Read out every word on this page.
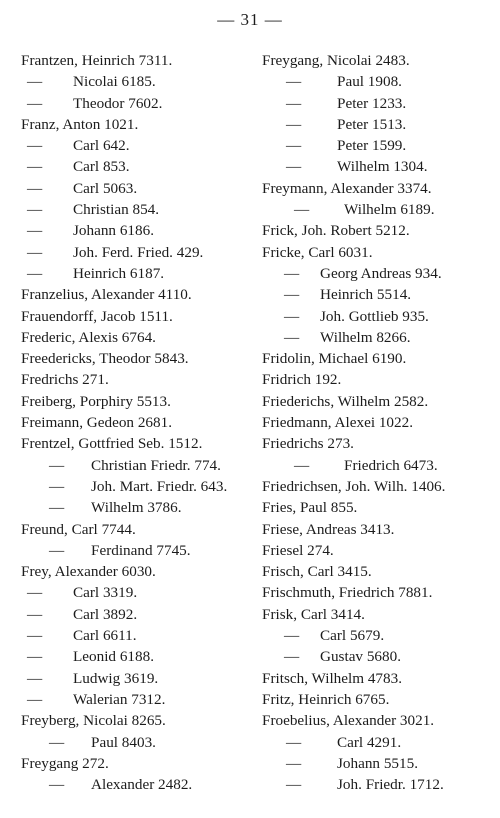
— 31 —
Frantzen, Heinrich 7311.
— Nicolai 6185.
— Theodor 7602.
Franz, Anton 1021.
— Carl 642.
— Carl 853.
— Carl 5063.
— Christian 854.
— Johann 6186.
— Joh. Ferd. Fried. 429.
— Heinrich 6187.
Franzelius, Alexander 4110.
Frauendorff, Jacob 1511.
Frederic, Alexis 6764.
Freedericks, Theodor 5843.
Fredrichs 271.
Freiberg, Porphiry 5513.
Freimann, Gedeon 2681.
Frentzel, Gottfried Seb. 1512.
— Christian Friedr. 774.
— Joh. Mart. Friedr. 643.
— Wilhelm 3786.
Freund, Carl 7744.
— Ferdinand 7745.
Frey, Alexander 6030.
— Carl 3319.
— Carl 3892.
— Carl 6611.
— Leonid 6188.
— Ludwig 3619.
— Walerian 7312.
Freyberg, Nicolai 8265.
— Paul 8403.
Freygang 272.
— Alexander 2482.
Freygang, Nicolai 2483.
— Paul 1908.
— Peter 1233.
— Peter 1513.
— Peter 1599.
— Wilhelm 1304.
Freymann, Alexander 3374.
— Wilhelm 6189.
Frick, Joh. Robert 5212.
Fricke, Carl 6031.
— Georg Andreas 934.
— Heinrich 5514.
— Joh. Gottlieb 935.
— Wilhelm 8266.
Fridolin, Michael 6190.
Fridrich 192.
Friederichs, Wilhelm 2582.
Friedmann, Alexei 1022.
Friedrichs 273.
— Friedrich 6473.
Friedrichsen, Joh. Wilh. 1406.
Fries, Paul 855.
Friese, Andreas 3413.
Friesel 274.
Frisch, Carl 3415.
Frischmuth, Friedrich 7881.
Frisk, Carl 3414.
— Carl 5679.
— Gustav 5680.
Fritsch, Wilhelm 4783.
Fritz, Heinrich 6765.
Froebelius, Alexander 3021.
— Carl 4291.
— Johann 5515.
— Joh. Friedr. 1712.
